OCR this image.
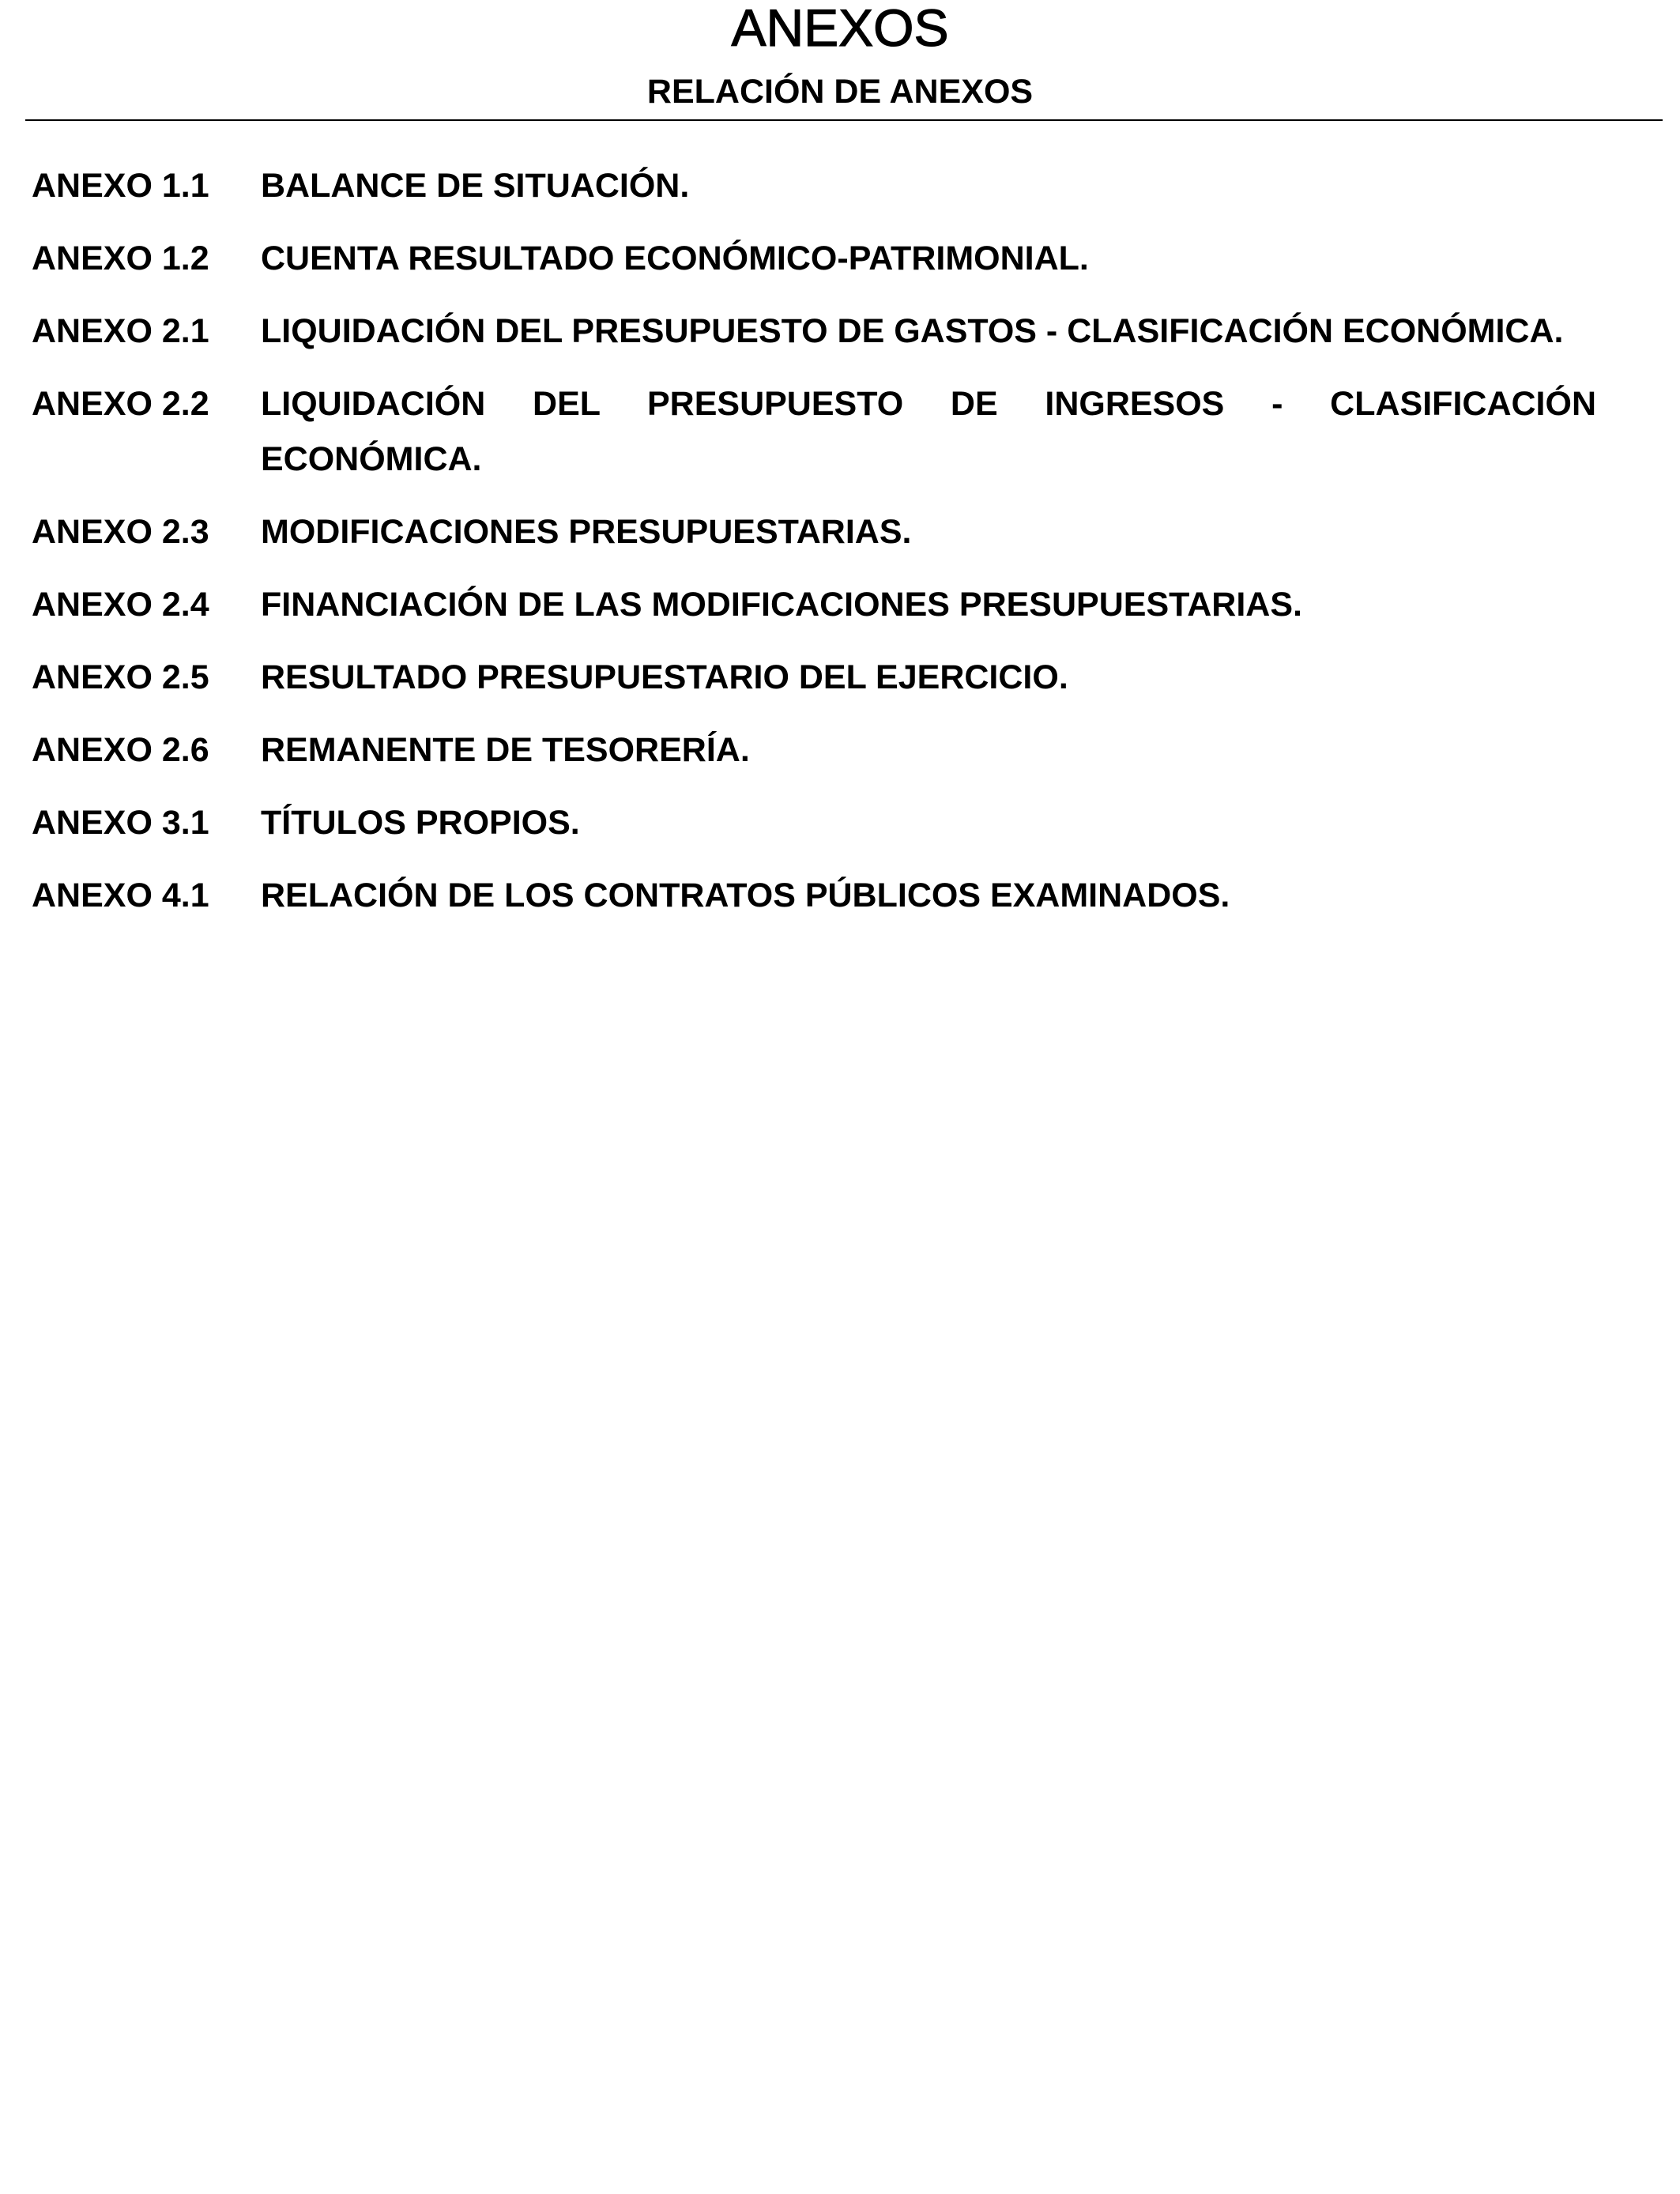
ANEXOS
RELACIÓN DE ANEXOS
ANEXO 1.1	BALANCE DE SITUACIÓN.
ANEXO 1.2	CUENTA RESULTADO ECONÓMICO-PATRIMONIAL.
ANEXO 2.1	LIQUIDACIÓN DEL PRESUPUESTO DE GASTOS - CLASIFICACIÓN ECONÓMICA.
ANEXO 2.2	LIQUIDACIÓN DEL PRESUPUESTO DE INGRESOS - CLASIFICACIÓN ECONÓMICA.
ANEXO 2.3	MODIFICACIONES PRESUPUESTARIAS.
ANEXO 2.4	FINANCIACIÓN DE LAS MODIFICACIONES PRESUPUESTARIAS.
ANEXO 2.5	RESULTADO PRESUPUESTARIO DEL EJERCICIO.
ANEXO 2.6	REMANENTE DE TESORERÍA.
ANEXO 3.1	TÍTULOS PROPIOS.
ANEXO 4.1	RELACIÓN DE LOS CONTRATOS PÚBLICOS EXAMINADOS.
